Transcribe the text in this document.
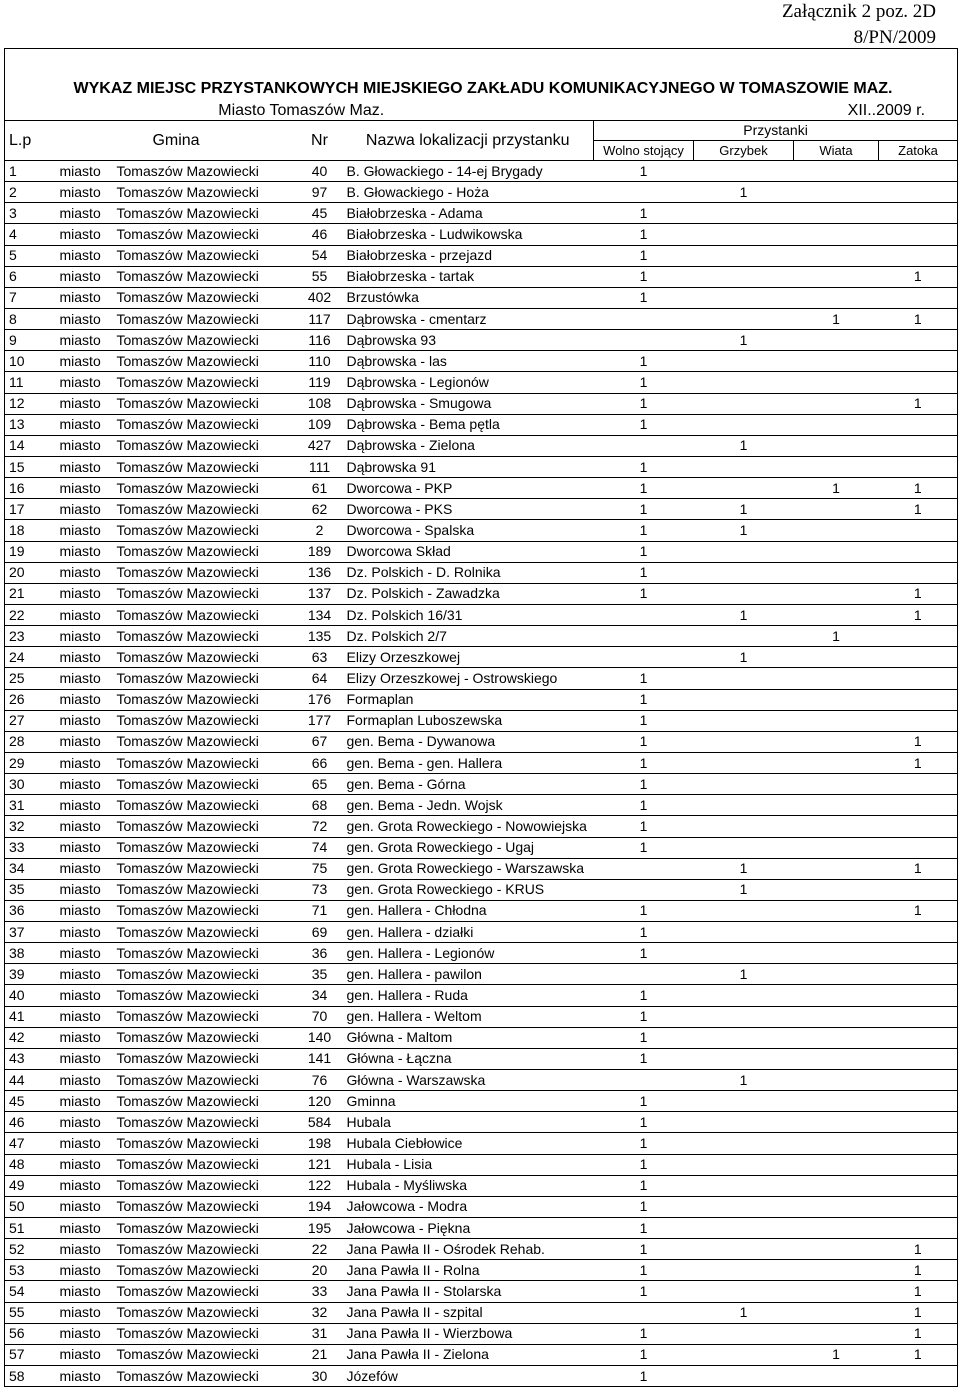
Załącznik 2 poz. 2D
8/PN/2009
WYKAZ MIEJSC PRZYSTANKOWYCH MIEJSKIEGO ZAKŁADU KOMUNIKACYJNEGO W TOMASZOWIE MAZ.								
Miasto Tomaszów Maz.					XII..2009 r.			
L.p	Gmina		Nr	Nazwa lokalizacji przystanku	Przystanki			
					Wolno stojący	Grzybek	Wiata	Zatoka
1	miasto	Tomaszów Mazowiecki	40	B. Głowackiego - 14-ej Brygady	1			
2	miasto	Tomaszów Mazowiecki	97	B. Głowackiego - Hoża		1		
3	miasto	Tomaszów Mazowiecki	45	Białobrzeska - Adama	1			
4	miasto	Tomaszów Mazowiecki	46	Białobrzeska - Ludwikowska	1			
5	miasto	Tomaszów Mazowiecki	54	Białobrzeska - przejazd	1			
6	miasto	Tomaszów Mazowiecki	55	Białobrzeska - tartak	1			1
7	miasto	Tomaszów Mazowiecki	402	Brzustówka	1			
8	miasto	Tomaszów Mazowiecki	117	Dąbrowska - cmentarz			1	1
9	miasto	Tomaszów Mazowiecki	116	Dąbrowska 93		1		
10	miasto	Tomaszów Mazowiecki	110	Dąbrowska - las	1			
11	miasto	Tomaszów Mazowiecki	119	Dąbrowska - Legionów	1			
12	miasto	Tomaszów Mazowiecki	108	Dąbrowska - Smugowa	1			1
13	miasto	Tomaszów Mazowiecki	109	Dąbrowska - Bema pętla	1			
14	miasto	Tomaszów Mazowiecki	427	Dąbrowska - Zielona		1		
15	miasto	Tomaszów Mazowiecki	111	Dąbrowska 91	1			
16	miasto	Tomaszów Mazowiecki	61	Dworcowa - PKP	1		1	1
17	miasto	Tomaszów Mazowiecki	62	Dworcowa - PKS	1	1		1
18	miasto	Tomaszów Mazowiecki	2	Dworcowa - Spalska	1	1		
19	miasto	Tomaszów Mazowiecki	189	Dworcowa Skład	1			
20	miasto	Tomaszów Mazowiecki	136	Dz. Polskich - D. Rolnika	1			
21	miasto	Tomaszów Mazowiecki	137	Dz. Polskich - Zawadzka	1			1
22	miasto	Tomaszów Mazowiecki	134	Dz. Polskich 16/31		1		1
23	miasto	Tomaszów Mazowiecki	135	Dz. Polskich 2/7			1	
24	miasto	Tomaszów Mazowiecki	63	Elizy Orzeszkowej		1		
25	miasto	Tomaszów Mazowiecki	64	Elizy Orzeszkowej - Ostrowskiego	1			
26	miasto	Tomaszów Mazowiecki	176	Formaplan	1			
27	miasto	Tomaszów Mazowiecki	177	Formaplan Luboszewska	1			
28	miasto	Tomaszów Mazowiecki	67	gen. Bema - Dywanowa	1			1
29	miasto	Tomaszów Mazowiecki	66	gen. Bema - gen. Hallera	1			1
30	miasto	Tomaszów Mazowiecki	65	gen. Bema - Górna	1			
31	miasto	Tomaszów Mazowiecki	68	gen. Bema - Jedn. Wojsk	1			
32	miasto	Tomaszów Mazowiecki	72	gen. Grota Roweckiego - Nowowiejska	1			
33	miasto	Tomaszów Mazowiecki	74	gen. Grota Roweckiego - Ugaj	1			
34	miasto	Tomaszów Mazowiecki	75	gen. Grota Roweckiego - Warszawska		1		1
35	miasto	Tomaszów Mazowiecki	73	gen. Grota Roweckiego - KRUS		1		
36	miasto	Tomaszów Mazowiecki	71	gen. Hallera - Chłodna	1			1
37	miasto	Tomaszów Mazowiecki	69	gen. Hallera - działki	1			
38	miasto	Tomaszów Mazowiecki	36	gen. Hallera - Legionów	1			
39	miasto	Tomaszów Mazowiecki	35	gen. Hallera - pawilon		1		
40	miasto	Tomaszów Mazowiecki	34	gen. Hallera - Ruda	1			
41	miasto	Tomaszów Mazowiecki	70	gen. Hallera - Weltom	1			
42	miasto	Tomaszów Mazowiecki	140	Główna - Maltom	1			
43	miasto	Tomaszów Mazowiecki	141	Główna - Łączna	1			
44	miasto	Tomaszów Mazowiecki	76	Główna - Warszawska		1		
45	miasto	Tomaszów Mazowiecki	120	Gminna	1			
46	miasto	Tomaszów Mazowiecki	584	Hubala	1			
47	miasto	Tomaszów Mazowiecki	198	Hubala Ciebłowice	1			
48	miasto	Tomaszów Mazowiecki	121	Hubala - Lisia	1			
49	miasto	Tomaszów Mazowiecki	122	Hubala - Myśliwska	1			
50	miasto	Tomaszów Mazowiecki	194	Jałowcowa - Modra	1			
51	miasto	Tomaszów Mazowiecki	195	Jałowcowa - Piękna	1			
52	miasto	Tomaszów Mazowiecki	22	Jana Pawła II - Ośrodek Rehab.	1			1
53	miasto	Tomaszów Mazowiecki	20	Jana Pawła II - Rolna	1			1
54	miasto	Tomaszów Mazowiecki	33	Jana Pawła II - Stolarska	1			1
55	miasto	Tomaszów Mazowiecki	32	Jana Pawła II - szpital		1		1
56	miasto	Tomaszów Mazowiecki	31	Jana Pawła II - Wierzbowa	1			1
57	miasto	Tomaszów Mazowiecki	21	Jana Pawła II - Zielona	1		1	1
58	miasto	Tomaszów Mazowiecki	30	Józefów	1			
